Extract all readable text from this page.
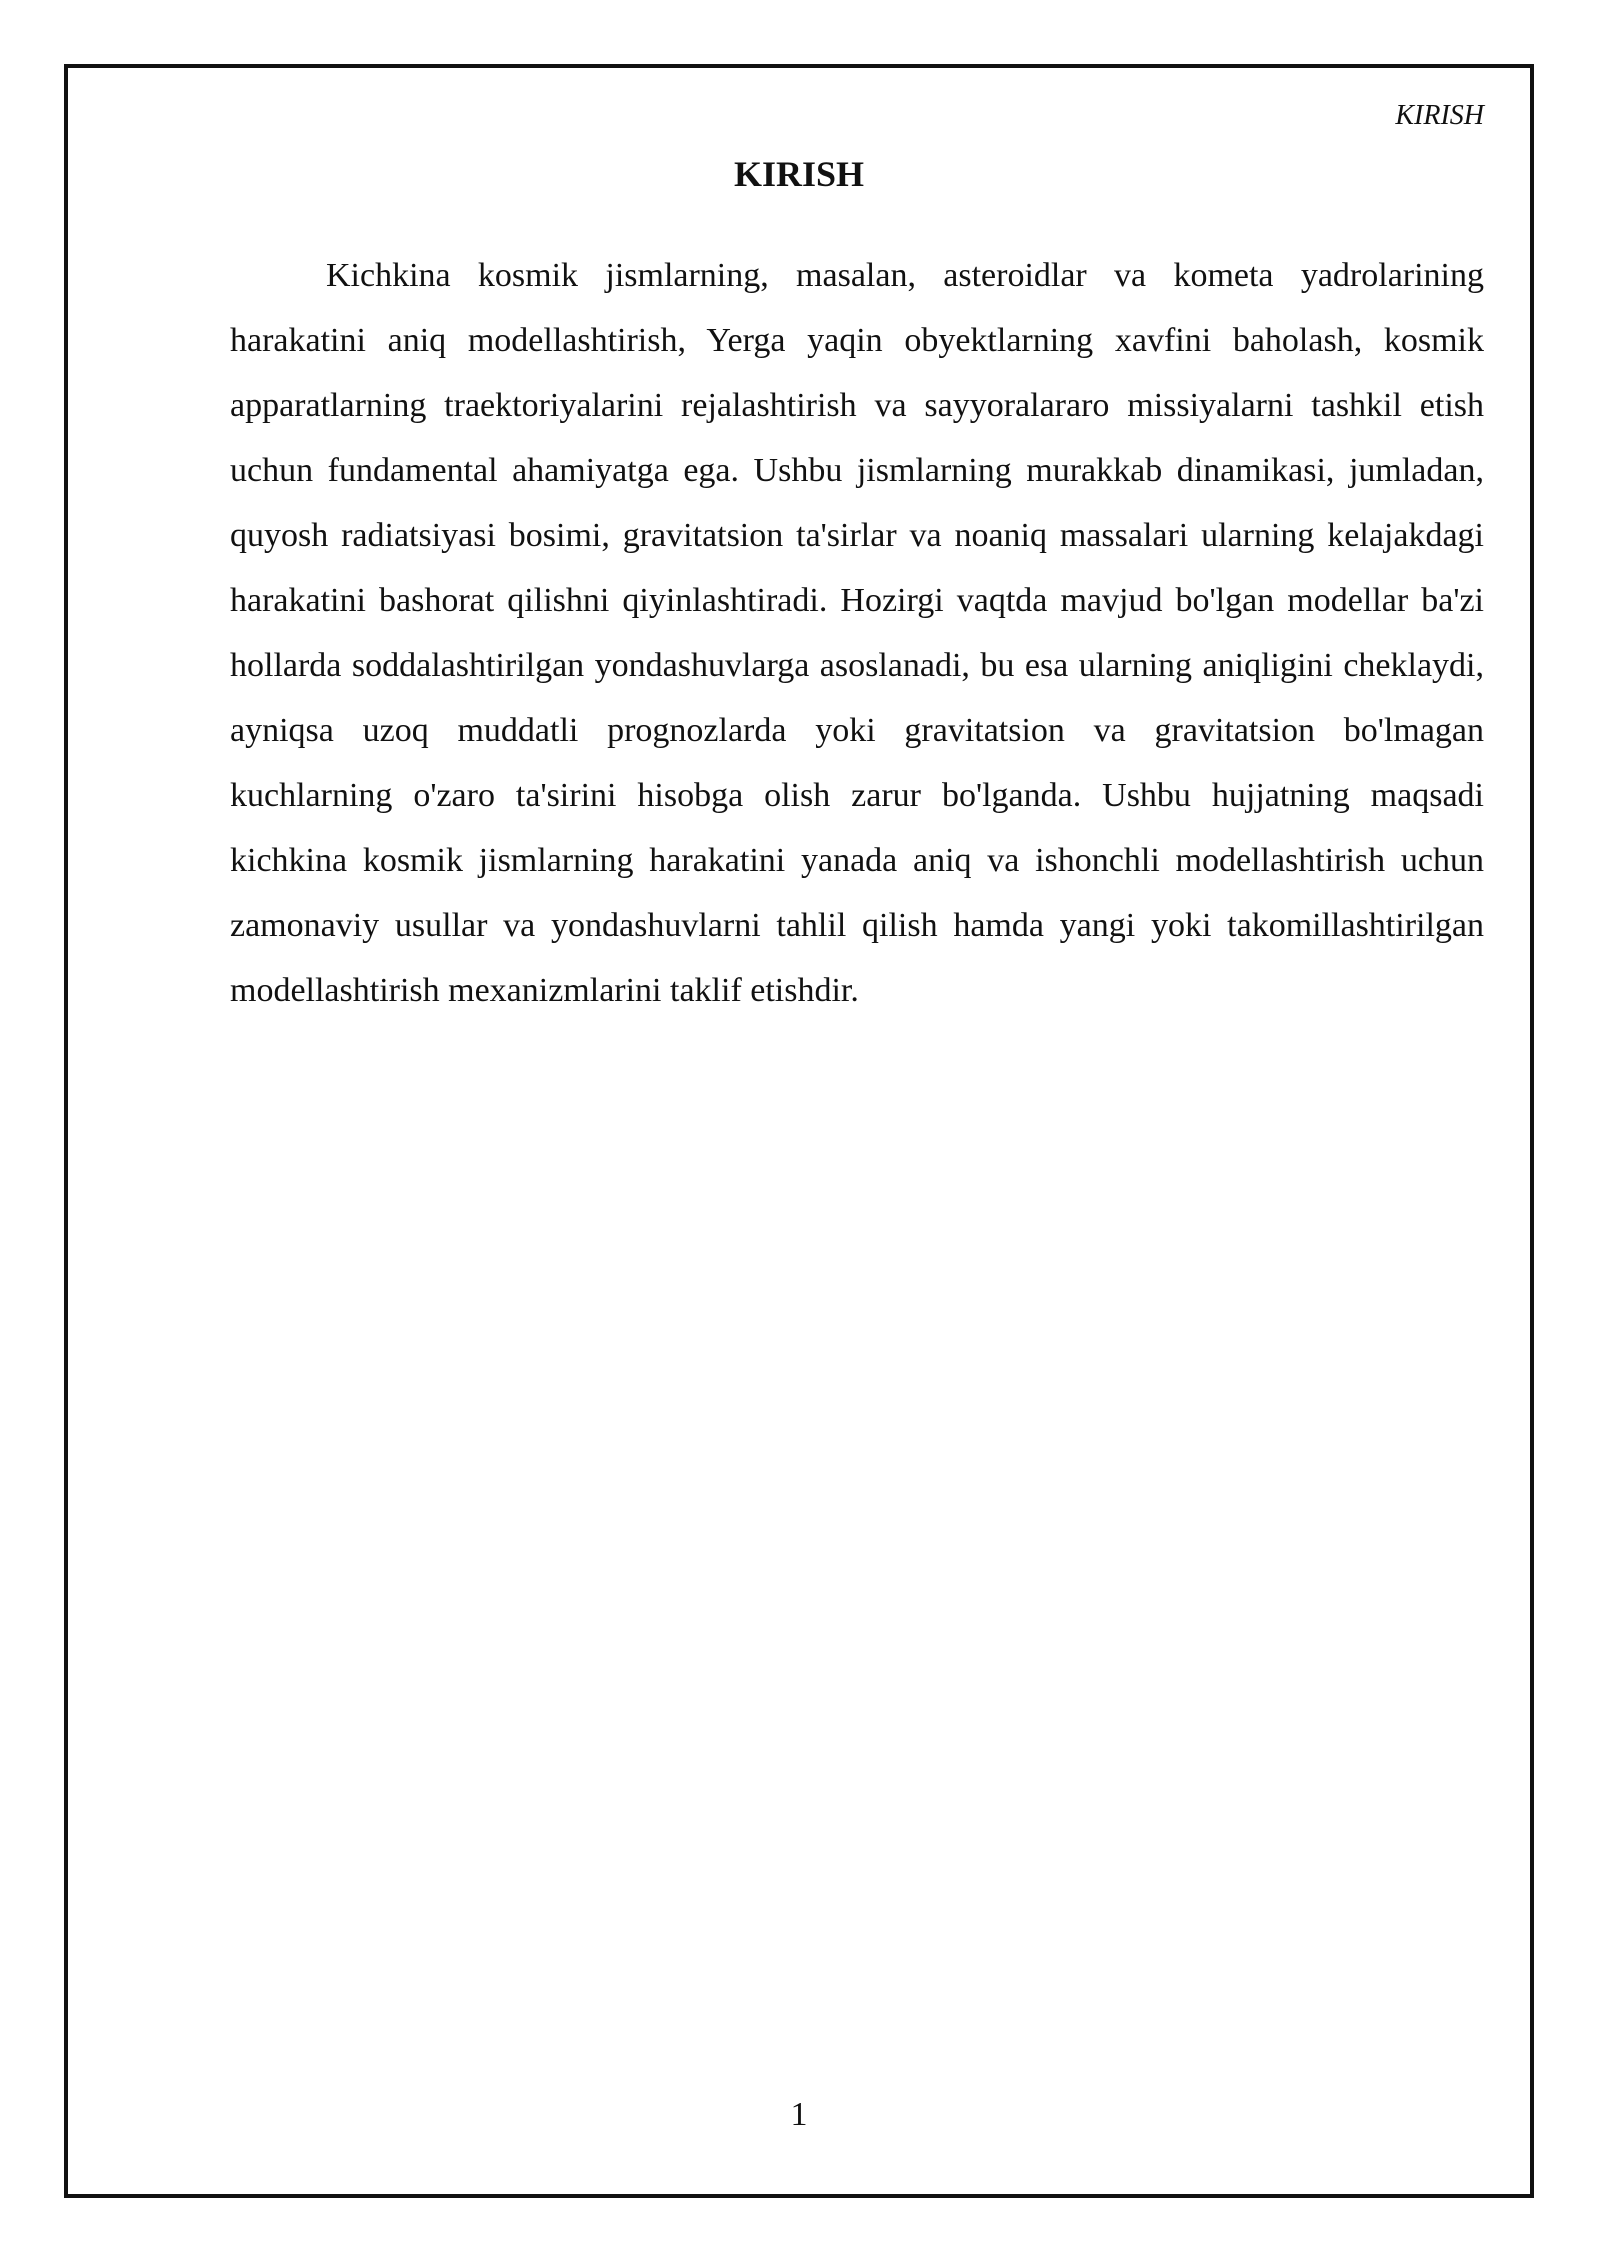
KIRISH
KIRISH

Kichkina kosmik jismlarning, masalan, asteroidlar va kometa yadrolarining harakatini aniq modellashtirish, Yerga yaqin obyektlarning xavfini baholash, kosmik apparatlarning traektoriyalarini rejalashtirish va sayyoralararo missiyalarni tashkil etish uchun fundamental ahamiyatga ega. Ushbu jismlarning murakkab dinamikasi, jumladan, quyosh radiatsiyasi bosimi, gravitatsion ta'sirlar va noaniq massalari ularning kelajakdagi harakatini bashorat qilishni qiyinlashtiradi. Hozirgi vaqtda mavjud bo'lgan modellar ba'zi hollarda soddalashtirilgan yondashuvlarga asoslanadi, bu esa ularning aniqligini cheklaydi, ayniqsa uzoq muddatli prognozlarda yoki gravitatsion va gravitatsion bo'lmagan kuchlarning o'zaro ta'sirini hisobga olish zarur bo'lganda. Ushbu hujjatning maqsadi kichkina kosmik jismlarning harakatini yanada aniq va ishonchli modellashtirish uchun zamonaviy usullar va yondashuvlarni tahlil qilish hamda yangi yoki takomillashtirilgan modellashtirish mexanizmlarini taklif etishdir.

1
